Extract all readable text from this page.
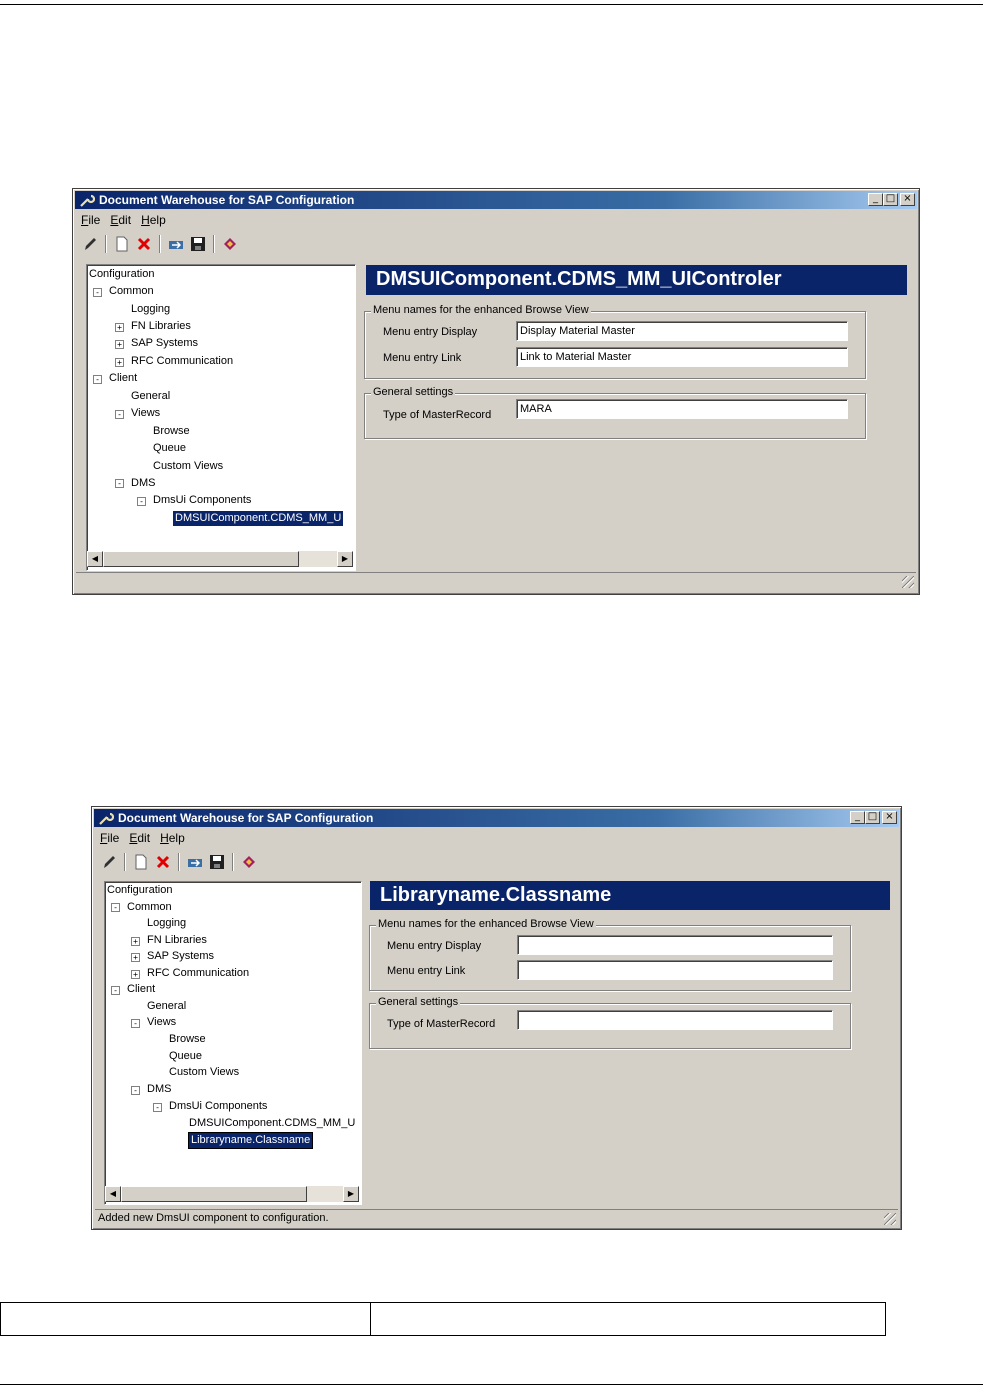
Document Warehouse for SAP Configuration	_ □ ×
File Edit Help
Configuration
- Common
Logging
+ FN Libraries
+ SAP Systems
+ RFC Communication
- Client
General
- Views
Browse
Queue
Custom Views
- DMS
- DmsUi Components
DMSUIComponent.CDMS_MM_U
◀	▶
DMSUIComponent.CDMS_MM_UIControler
Menu names for the enhanced Browse View
Menu entry Display	Display Material Master
Menu entry Link	Link to Material Master
General settings
Type of MasterRecord	MARA
Document Warehouse for SAP Configuration	_ □ ×
File Edit Help
Configuration
- Common
Logging
+ FN Libraries
+ SAP Systems
+ RFC Communication
- Client
General
- Views
Browse
Queue
Custom Views
- DMS
- DmsUi Components
DMSUIComponent.CDMS_MM_U
Libraryname.Classname
◀	▶
Libraryname.Classname
Menu names for the enhanced Browse View
Menu entry Display
Menu entry Link
General settings
Type of MasterRecord
Added new DmsUI component to configuration.
